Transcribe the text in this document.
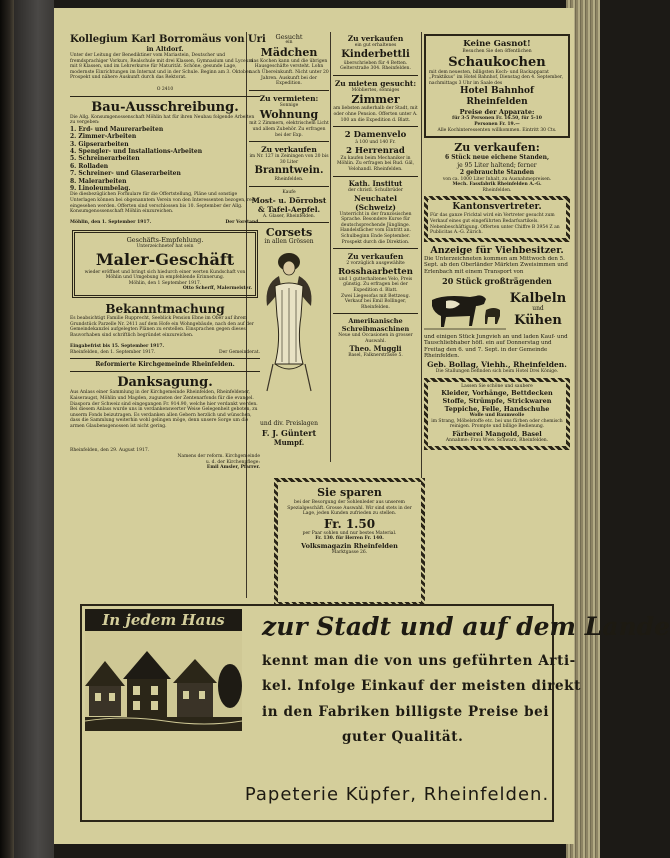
Kollegium Karl Borromäus von Uri
in Altdorf.
Unter der Leitung der Benediktiner vom Mariastein, Deutscher und fremdsprachiger Vorkurs, Realschule mit drei Klassen, Gymnasium und Lyceum mit 8 Klassen, und im Lehrerkurse für Maturität. Schöne, gesunde Lage, modernste Einrichtungen im Internat und in der Schule. Beginn am 3. Oktober. Prospekt und nähere Auskunft durch das Rektorat.
O 2410
Bau-Ausschreibung.
Die Allg. Konsumgenossenschaft Möhlin hat für ihren Neubau folgende Arbeiten zu vergeben:
1. Erd- und Maurerarbeiten
2. Zimmer-Arbeiten
3. Gipserarbeiten
4. Spengler- und Installations-Arbeiten
5. Schreinerarbeiten
6. Rolladen
7. Schreiner- und Glaserarbeiten
8. Malerarbeiten
9. Linoleumbelag.
Die diesbezüglichen Formulare für die Offertstellung, Pläne und sonstige Unterlagen können bei obgenanntem Verein von den Interessenten bezogen, resp. eingesehen werden. Offerten sind verschlossen bis 10. September der Allg. Konsumgenossenschaft Möhlin einzureichen.
Möhlin, den 1. September 1917.	Der Vorstand.
Geschäfts-Empfehlung.
Unterzeichneter hat sein
Maler-Geschäft
wieder eröffnet und bringt sich hiedurch einer werten Kundschaft von Möhlin und Umgebung in empfehlende Erinnerung.
Möhlin, den 1 September 1917.
Otto Scherff, Malermeister.
Bekanntmachung
Es beabsichtigt Familie Rupprecht, Seeblick Pension Ebne im Ober auf ihrem Grundstück Parzelle Nr. 2411 auf dem Hofe ein Wohngebäude, nach den auf der Gemeindekanzlei aufgelegten Plänen zu erstellen. Einsprachen gegen dieses Bauvorhaben sind schriftlich begründet einzureichen.
Eingabefrist bis 15. September 1917.
Rheinfelden, den 1. September 1917.	Der Gemeinderat.
Reformierte Kirchgemeinde Rheinfelden.
Danksagung.
Aus Anlass einer Sammlung in der Kirchgemeinde Rheinfelden, Rheinfeldener, Kaiseraugst, Möhlin und Magden, zugunsten der Zentenarfonds für die evangel. Diaspora der Schweiz sind eingegangen Fr. 914.90, welche hier verdankt werden. Bei diesem Anlass wurde uns in verdankenswerter Weise Gelegenheit geboten, zu unserm Fonds beizutragen. Es verdanken allen Gebern herzlich und wünschen, dass die Sammlung weiterhin wohl gelingen möge, denn unsere Sorge um die armen Glaubensgenossen ist nicht gering.
Rheinfelden, den 29. August 1917.
Namens der reform. Kirchgemeinde
u. d. der Kirchenpflege:
Emil Amsler, Pfarrer.
Gesucht
ein
Mädchen
das Kochen kann und die übrigen Hausgeschäfte versteht. Lohn nach Übereinkunft. Nicht unter 20 Jahren. Auskunft bei der Expedition.
Zu vermieten:
Sonnige
Wohnung
mit 2 Zimmern, elektrischem Licht und allem Zubehör. Zu erfragen bei der Exp.
Zu verkaufen
im Nr. 127 in Zeiningen von 20 bis 30 Liter
Branntwein.
Rheinfelden.
Kaufe
Most- u. Dörrobst & Tafel-Aepfel.
A. Glaser, Rheinfelden.
Corsets
in allen Grössen
und div. Preislagen
F. J. Güntert
Mumpf.
Zu verkaufen
ein gut erhaltenes
Kinderbettli
überschrieben für 4 Betten. Gelterstraße 304. Rheinfelden.
Zu mieten gesucht:
Möbliertes, sonniges
Zimmer
am liebsten außerhalb der Stadt, mit oder ohne Pension. Offerten unter A. 100 an die Expedition d. Blatt.
2 Damenvelo
à 100 und 140 Fr.
2 Herrenrad
Zu kaufen beim Mechaniker in Möhlin. Zu erfragen bei Rud. Gäl, Velohandl. Rheinfelden.
Kath. Institut
der christl. Schulbrüder
Neuchatel (Schweiz)
Unterricht in der französischen Sprache. Besondere Kurse für deutschsprechende Jünglinge. Handelsfächer vom Eintritt an. Schulbeginn Ende September. Prospekt durch die Direktion.
Zu verkaufen
2 vorzüglich ausgewählte
Rosshaarbetten
und 1 gutterhaltenes Velo, Preis günstig. Zu erfragen bei der Expedition d. Blatt.
Zwei Liegesofas mit Bettzeug. Verkauf bei Emil Bollinger, Rheinfelden.
Amerikanische
Schreibmaschinen
Neue und Occasionen in grosser Auswahl.
Theo. Muggli
Basel, Falknerstrasse 5.
Sie sparen
bei der Besorgung der Sohlenleder aus unserem Spezialgeschäft. Grosse Auswahl. Wir sind stets in der Lage, jeden Kunden zufrieden zu stellen.
Fr. 1.50
per Paar sohlen und nur bestes Material.
Fr. 130. für Herren Fr. 140.
Volksmagazin Rheinfelden
Marktgasse 26.
Keine Gasnot!
Besuchen Sie den öffentlichen
Schaukochen
mit dem neuesten, billigsten Koch- und Backapparat „Praktikus“ im Hotel Bahnhof, Dienstag den 4. September, nachmittags 3 Uhr im Saale des
Hotel Bahnhof Rheinfelden
Preise der Apparate:
für 3-5 Personen Fr. 16.50, für 5-10
Personen Fr. 19.—
Alle Kochinteressenten willkommen. Eintritt 30 Cts.
Zu verkaufen:
6 Stück neue eichene Standen,
je 95 Liter haltend; ferner
2 gebrauchte Standen
von ca. 1000 Liter Inhalt, zu Ausnahmepreisen.
Mech. Fassfabrik Rheinfelden A.-G.
Rheinfelden.
Kantonsvertreter.
Für das ganze Fricktal wird ein Vertreter gesucht zum Verkauf eines gut eingeführten Bedarfsartikels. Nebenbeschäftigung. Offerten unter Chiffre B 3954 Z an Publicitas A.-G. Zürich.
Anzeige für Viehbesitzer.
Die Unterzeichneten kommen am Mittwoch den 5. Sept. ab den Oberländer Märkten Zweisimmen und Erlenbach mit einem Transport von
20 Stück großträgenden
Kalbeln
und
Kühen
und einigen Stück Jungvieh an und laden Kauf- und Tauschliebhaber höfl. ein auf Donnerstag und Freitag den 6. und 7. Sept. in der Gemeinde Rheinfelden.
Geb. Bollag, Viehh., Rheinfelden.
Die Stallungen befinden sich beim Hotel Drei Könige.
Lassen Sie schöne und saubere
Kleider, Vorhänge, Bettdecken
Stoffe, Strümpfe, Strickwaren
Teppiche, Felle, Handschuhe
Wolle und Baumwolle
im Strang, Möbelstoffe etc. bei uns färben oder chemisch reinigen. Prompte und billige Bedienung.
Färberei Mangold, Basel
Annahme: Frau Wwe. Schwarz, Rheinfelden.
In jedem Haus	zur Stadt und auf dem Lande
kennt man die von uns geführten Arti-
kel. Infolge Einkauf der meisten direkt
in den Fabriken billigste Preise bei
guter Qualität.
Papeterie Küpfer, Rheinfelden.
